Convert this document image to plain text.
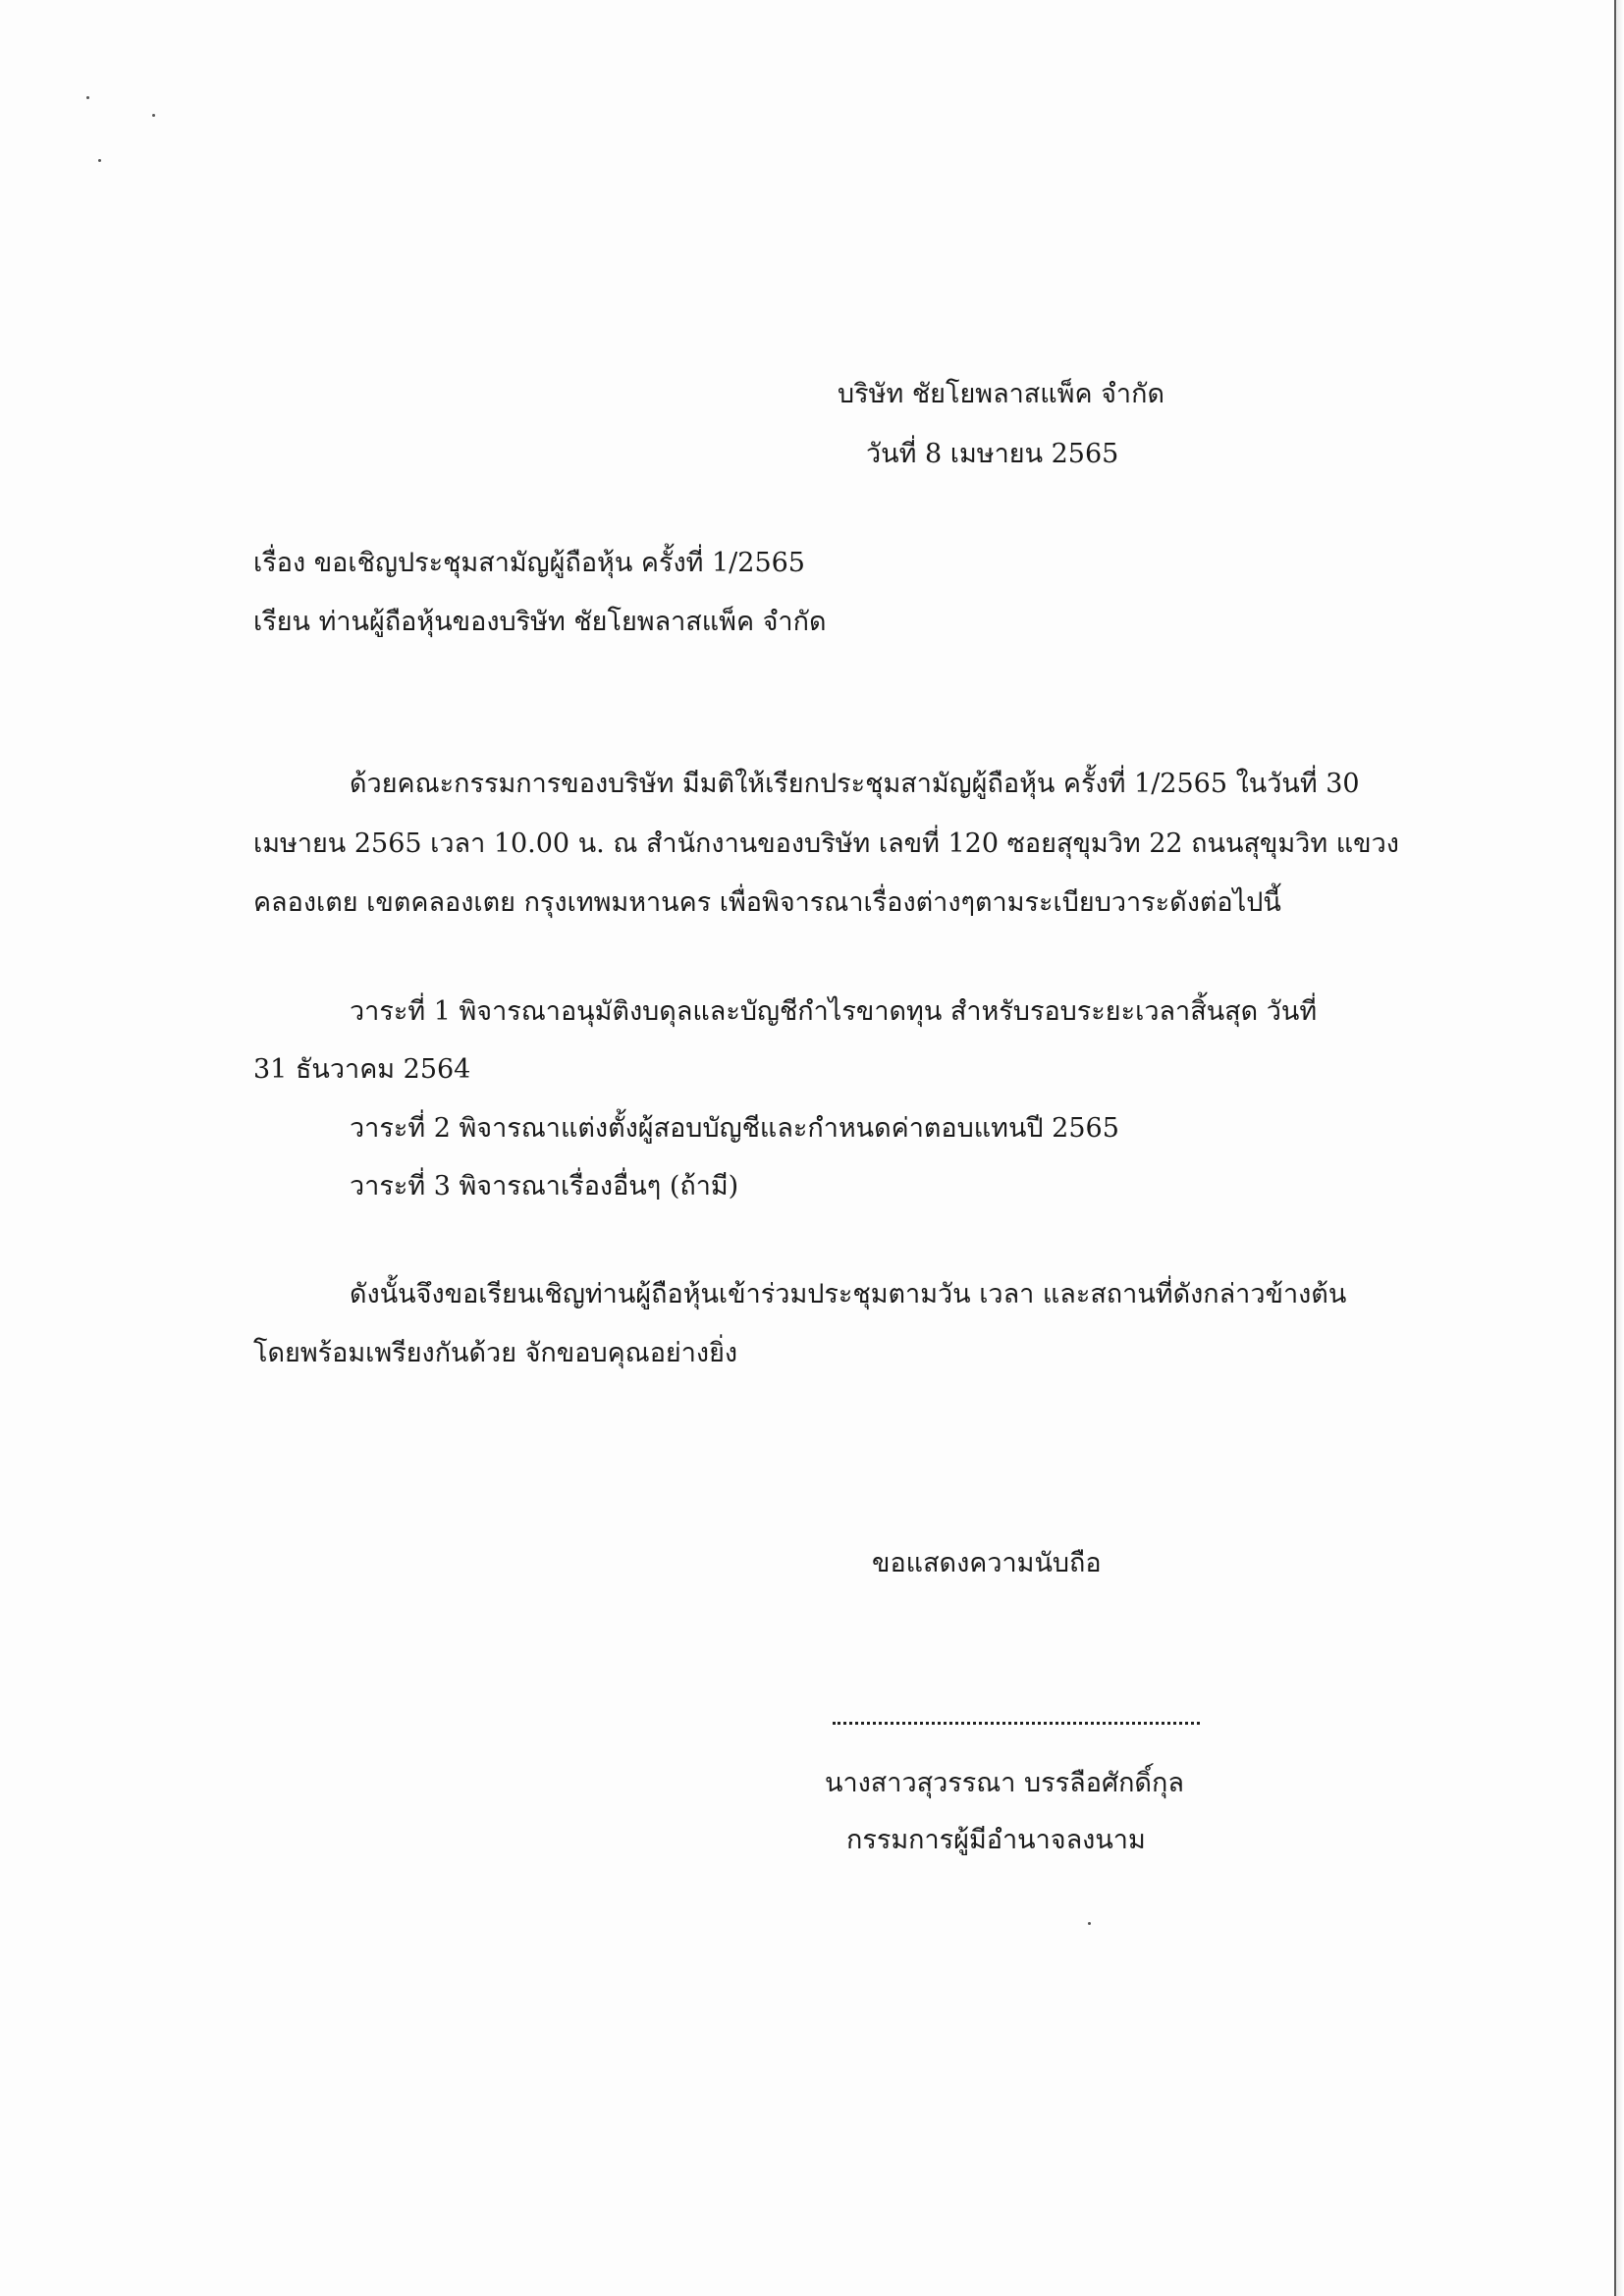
บริษัท ชัยโยพลาสแพ็ค จำกัด
วันที่ 8 เมษายน 2565
เรื่อง ขอเชิญประชุมสามัญผู้ถือหุ้น ครั้งที่ 1/2565
เรียน ท่านผู้ถือหุ้นของบริษัท ชัยโยพลาสแพ็ค จำกัด
ด้วยคณะกรรมการของบริษัท มีมติให้เรียกประชุมสามัญผู้ถือหุ้น ครั้งที่ 1/2565 ในวันที่ 30
เมษายน 2565 เวลา 10.00 น. ณ สำนักงานของบริษัท เลขที่ 120 ซอยสุขุมวิท 22 ถนนสุขุมวิท แขวง
คลองเตย เขตคลองเตย กรุงเทพมหานคร เพื่อพิจารณาเรื่องต่างๆตามระเบียบวาระดังต่อไปนี้
วาระที่ 1 พิจารณาอนุมัติงบดุลและบัญชีกำไรขาดทุน สำหรับรอบระยะเวลาสิ้นสุด วันที่
31 ธันวาคม 2564
วาระที่ 2 พิจารณาแต่งตั้งผู้สอบบัญชีและกำหนดค่าตอบแทนปี 2565
วาระที่ 3 พิจารณาเรื่องอื่นๆ (ถ้ามี)
ดังนั้นจึงขอเรียนเชิญท่านผู้ถือหุ้นเข้าร่วมประชุมตามวัน เวลา และสถานที่ดังกล่าวข้างต้น
โดยพร้อมเพรียงกันด้วย จักขอบคุณอย่างยิ่ง
ขอแสดงความนับถือ
นางสาวสุวรรณา บรรลือศักดิ์กุล
กรรมการผู้มีอำนาจลงนาม
